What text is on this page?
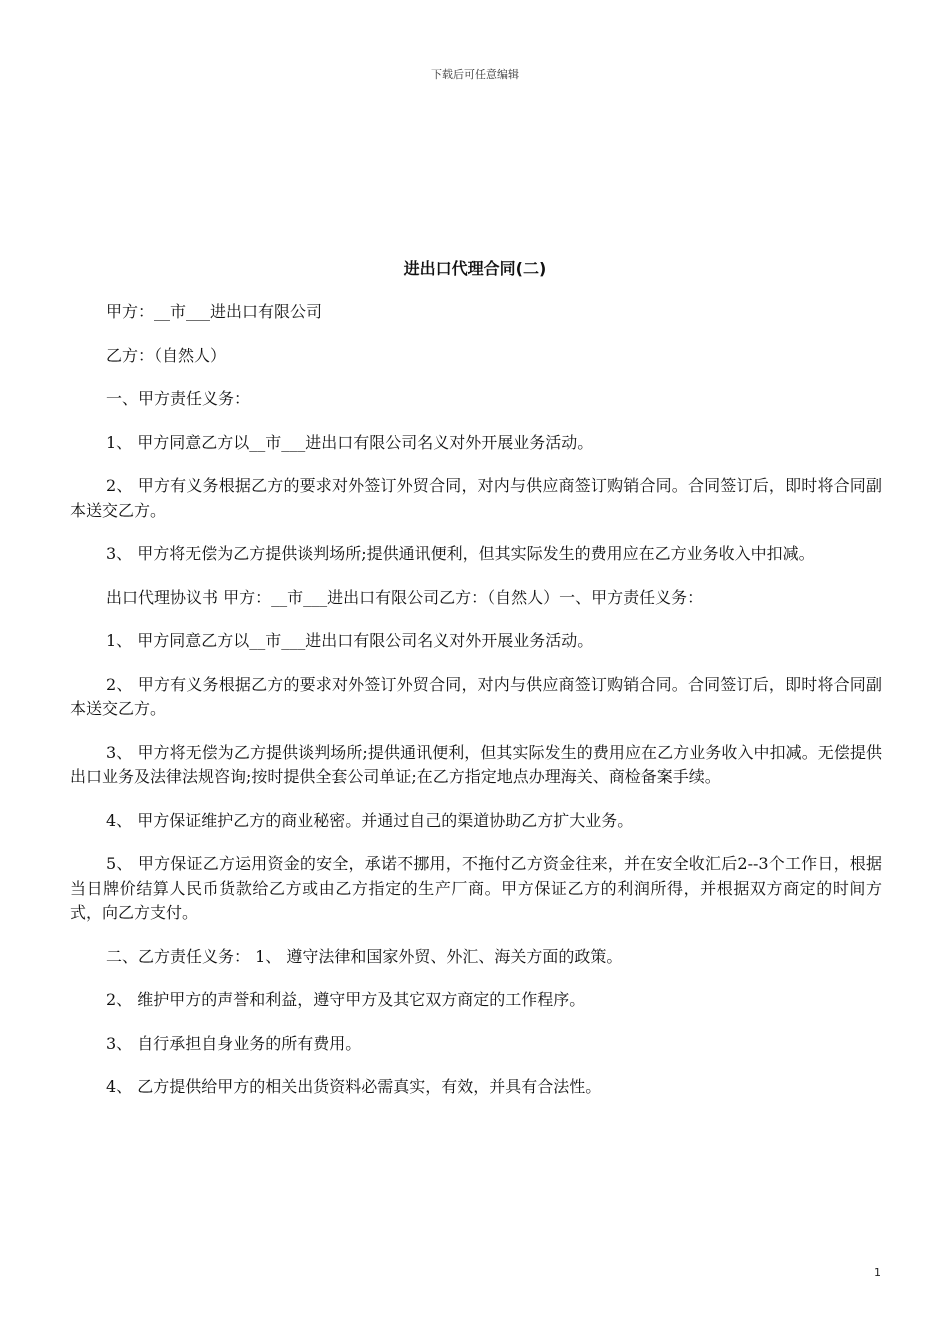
下载后可任意编辑
进出口代理合同(二)

甲方：__市___进出口有限公司

乙方：（自然人）

一、甲方责任义务：

1、 甲方同意乙方以__市___进出口有限公司名义对外开展业务活动。

2、 甲方有义务根据乙方的要求对外签订外贸合同，对内与供应商签订购销合同。合同签订后，即时将合同副本送交乙方。

3、 甲方将无偿为乙方提供谈判场所;提供通讯便利，但其实际发生的费用应在乙方业务收入中扣减。

出口代理协议书 甲方：__市___进出口有限公司乙方：（自然人）一、甲方责任义务：

1、 甲方同意乙方以__市___进出口有限公司名义对外开展业务活动。

2、 甲方有义务根据乙方的要求对外签订外贸合同，对内与供应商签订购销合同。合同签订后，即时将合同副本送交乙方。

3、 甲方将无偿为乙方提供谈判场所;提供通讯便利，但其实际发生的费用应在乙方业务收入中扣减。无偿提供出口业务及法律法规咨询;按时提供全套公司单证;在乙方指定地点办理海关、商检备案手续。

4、 甲方保证维护乙方的商业秘密。并通过自己的渠道协助乙方扩大业务。

5、 甲方保证乙方运用资金的安全，承诺不挪用，不拖付乙方资金往来，并在安全收汇后2--3个工作日，根据当日牌价结算人民币货款给乙方或由乙方指定的生产厂商。甲方保证乙方的利润所得，并根据双方商定的时间方式，向乙方支付。

二、乙方责任义务： 1、 遵守法律和国家外贸、外汇、海关方面的政策。

2、 维护甲方的声誉和利益，遵守甲方及其它双方商定的工作程序。

3、 自行承担自身业务的所有费用。

4、 乙方提供给甲方的相关出货资料必需真实，有效，并具有合法性。

1
